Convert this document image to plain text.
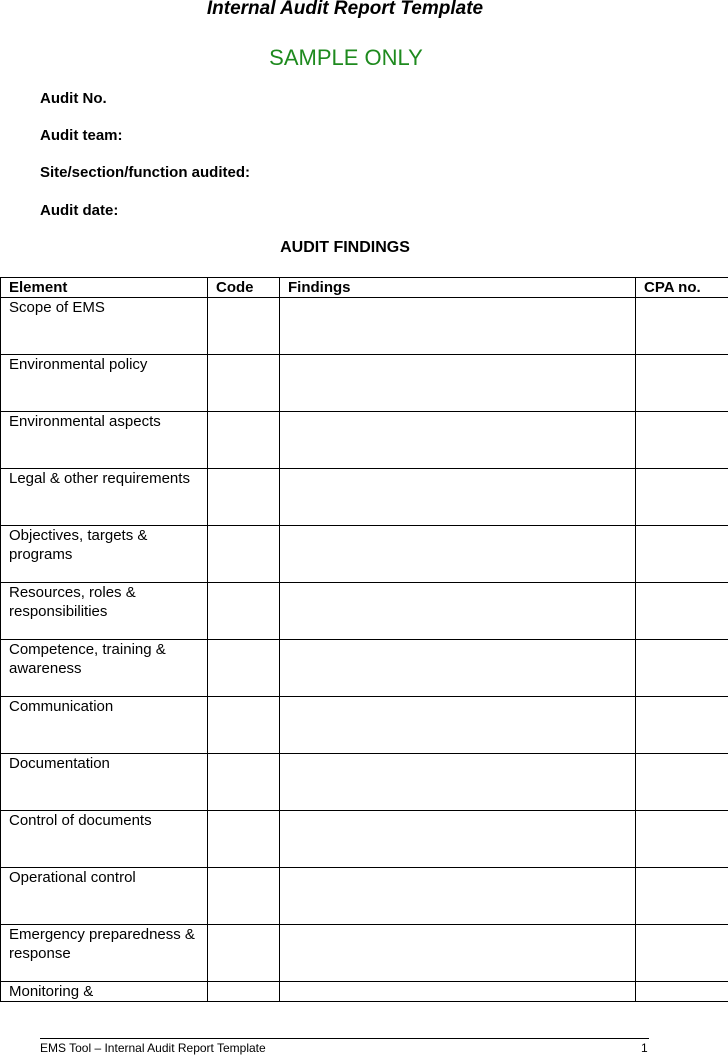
Internal Audit Report Template
SAMPLE ONLY
Audit No.
Audit team:
Site/section/function audited:
Audit date:
AUDIT FINDINGS
Element	Code	Findings	CPA no.
Scope of EMS			
Environmental policy			
Environmental aspects			
Legal & other requirements			
Objectives, targets & programs			
Resources, roles & responsibilities			
Competence, training & awareness			
Communication			
Documentation			
Control of documents			
Operational control			
Emergency preparedness & response			
Monitoring &			
EMS Tool – Internal Audit Report Template	1
